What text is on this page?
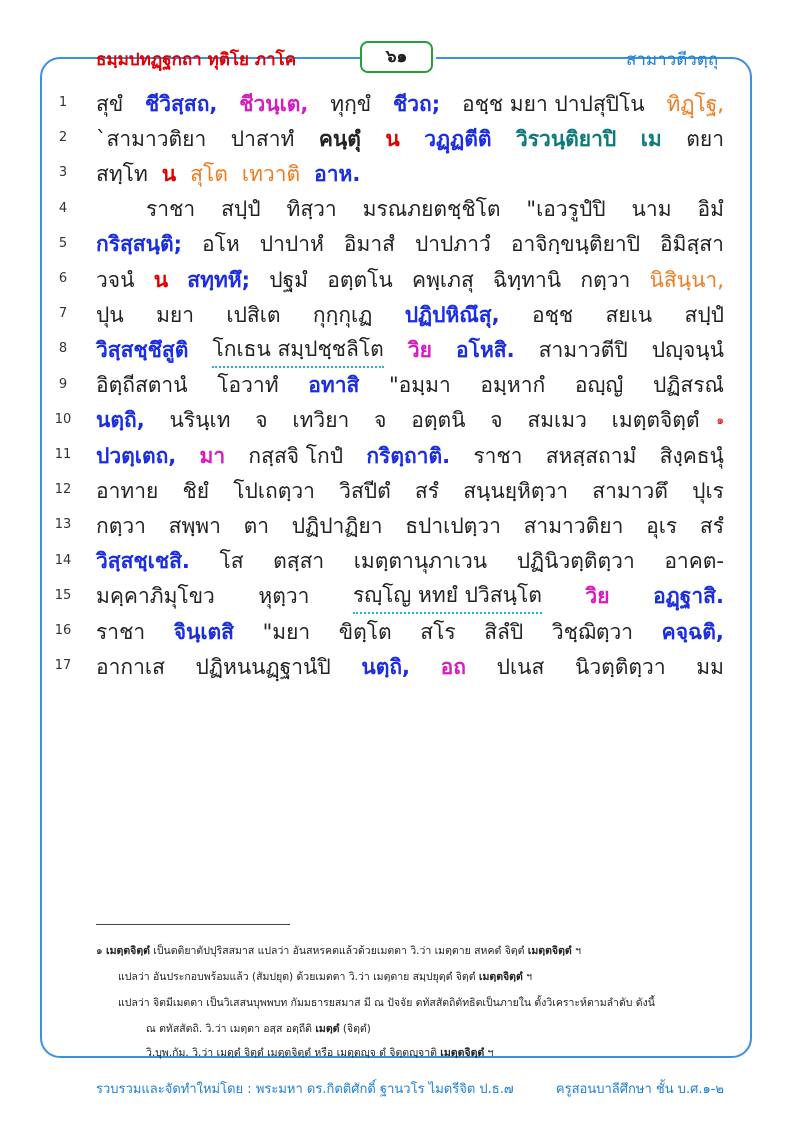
ธมฺมปทฏฺฐกถา ทุติโย ภาโค	๖๑	สามาวตีวตฺถุ
1	สุขํ ชีวิสฺสถ, ชีวนฺเต, ทุกฺขํ ชีวถ; อชฺช มยา ปาปสุปิโน ทิฏฺโฐ,
2	`สามาวติยา ปาสาทํ คนฺตุํ น วฏฺฏตีติ วิรวนฺติยาปิ เม ตยา
3	สทฺโท น สุโต เทวาติ อาห.
4	ราชา สปฺปํ ทิสฺวา มรณภยตชฺชิโต "เอวรูปํปิ นาม อิมํ
5	กริสฺสนฺติ; อโห ปาปาหํ อิมาสํ ปาปภาวํ อาจิกฺขนฺติยาปิ อิมิสฺสา
6	วจนํ น สทฺทหึ; ปฐมํ อตฺตโน คพฺเภสุ ฉิทฺทานิ กตฺวา นิสินฺนา,
7	ปุน มยา เปสิเต กุกฺกุเฏ ปฏิปหิณึสุ, อชฺช สยเน สปฺปํ
8	วิสฺสชฺชึสูติ โกเธน สมฺปชฺชลิโต วิย อโหสิ. สามาวตีปิ ปญฺจนฺนํ
9	อิตฺถีสตานํ โอวาทํ อทาสิ "อมฺมา อมฺหากํ อญฺญํ ปฏิสรณํ
10	นตฺถิ, นรินฺเท จ เทวิยา จ อตฺตนิ จ สมเมว เมตฺตจิตฺตํ ๑
11	ปวตฺเตถ, มา กสฺสจิ โกปํ กริตฺถาติ. ราชา สหสฺสถามํ สิงฺคธนุํ
12	อาทาย ชิยํ โปเถตฺวา วิสปีตํ สรํ สนฺนยฺหิตฺวา สามาวตึ ปุเร
13	กตฺวา สพฺพา ตา ปฏิปาฏิยา ธปาเปตฺวา สามาวติยา อุเร สรํ
14	วิสฺสชฺเชสิ. โส ตสฺสา เมตฺตานุภาเวน ปฏินิวตฺติตฺวา อาคต-
15	มคฺคาภิมุโขว หุตฺวา รญฺโญ หทยํ ปวิสนฺโต วิย อฏฺฐาสิ.
16	ราชา จินฺเตสิ "มยา ขิตฺโต สโร สิลํปิ วิชฺฌิตฺวา คจฺฉติ,
17	อากาเส ปฏิหนนฏฺฐานํปิ นตฺถิ, อถ ปเนส นิวตฺติตฺวา มม
๑ เมตฺตจิตฺตํ เป็นตติยาตัปปุริสสมาส แปลว่า อันสหรคตแล้วด้วยเมตตา วิ.ว่า เมตฺตาย สหคตํ จิตฺตํ เมตฺตจิตฺตํ ฯ
แปลว่า อันประกอบพร้อมแล้ว (สัมปยุต) ด้วยเมตตา วิ.ว่า เมตฺตาย สมฺปยุตฺตํ จิตฺตํ เมตฺตจิตฺตํ ฯ
แปลว่า จิตมีเมตตา เป็นวิเสสนบุพพบท กัมมธารยสมาส มี ณ ปัจจัย ตทัสสัตถิตัทธิตเป็นภายใน ตั้งวิเคราะห์ตามลำดับ ดังนี้
ณ ตทัสสัตถิ. วิ.ว่า เมตฺตา อสฺส อตฺถีติ เมตฺตํ (จิตฺตํ)
วิ.บุพ.กัม. วิ.ว่า เมตฺตํ จิตฺตํ เมตฺตจิตฺตํ หรือ เมตฺตญฺจ ตํ จิตฺตญฺจาติ เมตฺตจิตฺตํ ฯ
รวบรวมและจัดทำใหม่โดย : พระมหา ดร.กิตติศักดิ์ ฐานวโร ไมตรีจิต ป.ธ.๗	ครูสอนบาลีศึกษา ชั้น บ.ศ.๑-๒
